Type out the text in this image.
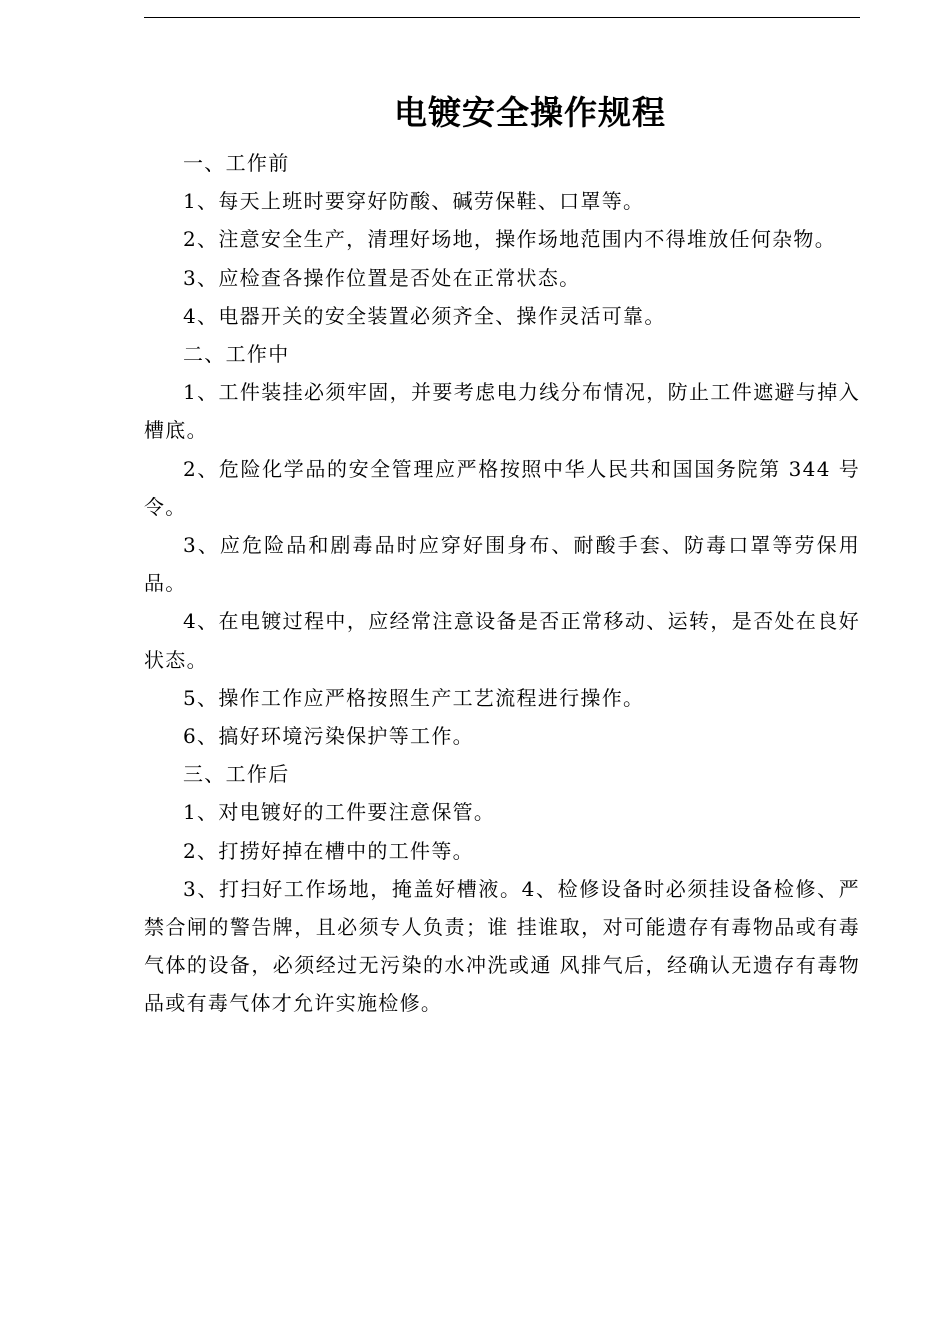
电镀安全操作规程

一、工作前

1、每天上班时要穿好防酸、碱劳保鞋、口罩等。

2、注意安全生产，清理好场地，操作场地范围内不得堆放任何杂物。

3、应检查各操作位置是否处在正常状态。

4、电器开关的安全装置必须齐全、操作灵活可靠。

二、工作中

1、工件装挂必须牢固，并要考虑电力线分布情况，防止工件遮避与掉入槽底。

2、危险化学品的安全管理应严格按照中华人民共和国国务院第 344 号令。

3、应危险品和剧毒品时应穿好围身布、耐酸手套、防毒口罩等劳保用品。

4、在电镀过程中，应经常注意设备是否正常移动、运转，是否处在良好状态。

5、操作工作应严格按照生产工艺流程进行操作。

6、搞好环境污染保护等工作。

三、工作后

1、对电镀好的工件要注意保管。

2、打捞好掉在槽中的工件等。

3、打扫好工作场地，掩盖好槽液。4、检修设备时必须挂设备检修、严禁合闸的警告牌，且必须专人负责；谁 挂谁取，对可能遗存有毒物品或有毒气体的设备，必须经过无污染的水冲洗或通 风排气后，经确认无遗存有毒物品或有毒气体才允许实施检修。
